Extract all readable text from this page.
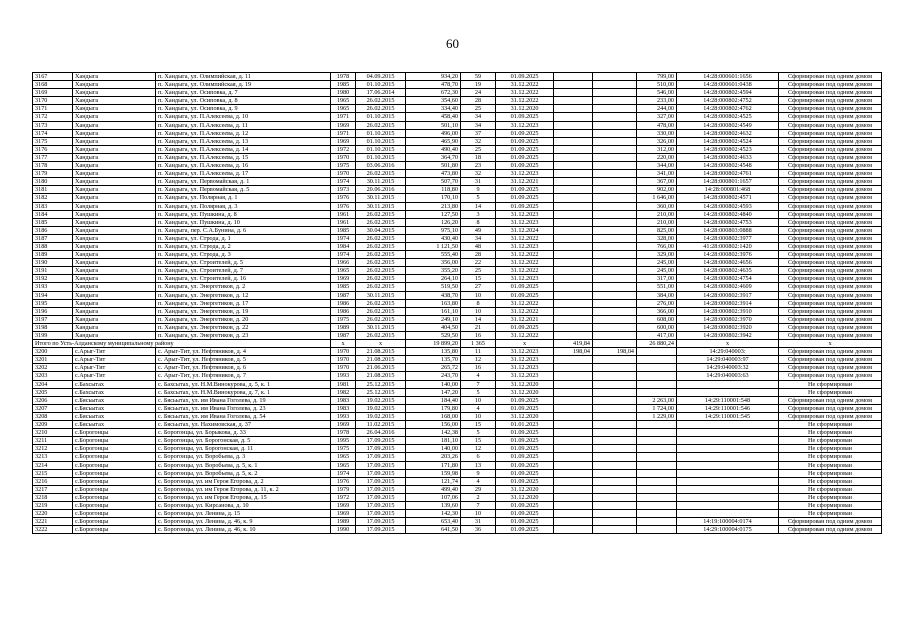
60
3167	Хандыга	п. Хандыга, ул. Олимпийская, д. 11	1978	04.09.2015	934,20	59	01.09.2025			799,00	14:28:000601:1656	Сформирован под одним домом
3168	Хандыга	п. Хандыга, ул. Олимпийская, д. 19	1985	01.10.2015	478,70	19	31.12.2022			510,00	14:28:000601:0438	Сформирован под одним домом
3169	Хандыга	п. Хандыга, ул. Осиповка, д. 7	1980	17.06.2014	672,30	24	31.12.2022			546,00	14:28:000802:4594	Сформирован под одним домом
3170	Хандыга	п. Хандыга, ул. Осиповка, д. 8	1965	26.02.2015	354,60	28	31.12.2022			233,00	14:28:000802:4752	Сформирован под одним домом
3171	Хандыга	п. Хандыга, ул. Осиповка, д. 9	1965	26.02.2015	334,40	25	31.12.2020			244,00	14:28:000802:4762	Сформирован под одним домом
3172	Хандыга	п. Хандыга, ул. П.Алексеева, д. 10	1971	01.10.2015	458,40	34	01.09.2025			327,00	14:28:000802:4525	Сформирован под одним домом
3173	Хандыга	п. Хандыга, ул. П.Алексеева, д. 11	1969	26.02.2015	501,10	34	31.12.2023			478,00	14:28:000802:4549	Сформирован под одним домом
3174	Хандыга	п. Хандыга, ул. П.Алексеева, д. 12	1971	01.10.2015	496,00	37	01.09.2025			330,00	14:28:000802:4632	Сформирован под одним домом
3175	Хандыга	п. Хандыга, ул. П.Алексеева, д. 13	1969	01.10.2015	465,90	32	01.09.2025			326,00	14:28:000802:4524	Сформирован под одним домом
3176	Хандыга	п. Хандыга, ул. П.Алексеева, д. 14	1972	01.10.2015	490,40	25	01.09.2025			312,00	14:28:000802:4523	Сформирован под одним домом
3177	Хандыга	п. Хандыга, ул. П.Алексеева, д. 15	1970	01.10.2015	364,70	18	01.09.2025			220,00	14:28:000802:4633	Сформирован под одним домом
3178	Хандыга	п. Хандыга, ул. П.Алексеева, д. 16	1975	03.06.2016	501,80	23	01.09.2025			344,00	14:28:000802:4548	Сформирован под одним домом
3179	Хандыга	п. Хандыга, ул. П.Алексеева, д. 17	1970	26.02.2015	473,80	32	31.12.2023			341,00	14:28:000802:4761	Сформирован под одним домом
3180	Хандыга	п. Хандыга, ул. Первомайская, д. 1	1974	30.11.2015	507,70	31	31.12.2021			367,00	14:28:000801:1657	Сформирован под одним домом
3181	Хандыга	п. Хандыга, ул. Первомайская, д. 5	1973	20.06.2016	118,80	9	01.09.2025			902,00	14:28:000801:468	Сформирован под одним домом
3182	Хандыга	п. Хандыга, ул. Полярная, д. 1	1976	30.11.2015	170,10	5	01.09.2025			1 646,00	14:28:000802:4571	Сформирован под одним домом
3183	Хандыга	п. Хандыга, ул. Полярная, д. 3	1976	30.11.2015	213,80	14	01.09.2025			360,00	14:28:000802:4593	Сформирован под одним домом
3184	Хандыга	п. Хандыга, ул. Пушкина, д. 8	1961	26.02.2015	127,50	3	31.12.2023			210,00	14:28:000802:4840	Сформирован под одним домом
3185	Хандыга	п. Хандыга, ул. Пушкина, д. 10	1961	26.02.2015	126,20	8	31.12.2023			210,00	14:28:000802:4753	Сформирован под одним домом
3186	Хандыга	п. Хандыга, пер. С.А.Бунина, д. 6	1985	30.04.2015	975,10	49	31.12.2024			825,00	14:28:000803:0888	Сформирован под одним домом
3187	Хандыга	п. Хандыга, ул. Строда, д. 1	1974	26.02.2015	430,40	34	31.12.2022			328,00	14:28:000802:3977	Сформирован под одним домом
3188	Хандыга	п. Хандыга, ул. Строда, д. 2	1984	26.02.2015	1 121,50	48	31.12.2023			766,00	41:28:000802:1420	Сформирован под одним домом
3189	Хандыга	п. Хандыга, ул. Строда, д. 3	1974	26.02.2015	555,40	28	31.12.2022			329,00	14:28:000802:3976	Сформирован под одним домом
3190	Хандыга	п. Хандыга, ул. Строителей, д. 5	1966	26.02.2015	356,00	22	31.12.2022			245,00	14:28:000802:4656	Сформирован под одним домом
3191	Хандыга	п. Хандыга, ул. Строителей, д. 7	1965	26.02.2015	355,20	25	31.12.2022			245,00	14:28:000802:4635	Сформирован под одним домом
3192	Хандыга	п. Хандыга, ул. Строителей, д. 16	1969	26.02.2015	264,10	15	31.12.2023			317,00	14:28:000802:4754	Сформирован под одним домом
3193	Хандыга	п. Хандыга, ул. Энергетиков, д. 2	1985	26.02.2015	519,50	27	01.09.2025			551,00	14:28:000802:4609	Сформирован под одним домом
3194	Хандыга	п. Хандыга, ул. Энергетиков, д. 12	1987	30.11.2015	438,70	10	01.09.2025			384,00	14:28:000802:3917	Сформирован под одним домом
3195	Хандыга	п. Хандыга, ул. Энергетиков, д. 17	1986	26.02.2015	163,80	8	31.12.2022			276,00	14:28:000802:3914	Сформирован под одним домом
3196	Хандыга	п. Хандыга, ул. Энергетиков, д. 19	1986	26.02.2015	161,10	10	31.12.2022			366,00	14:28:000802:3910	Сформирован под одним домом
3197	Хандыга	п. Хандыга, ул. Энергетиков, д. 20	1975	26.02.2015	249,10	14	31.12.2021			608,00	14:28:000802:3970	Сформирован под одним домом
3198	Хандыга	п. Хандыга, ул. Энергетиков, д. 22	1989	30.11.2015	404,50	21	01.09.2025			600,00	14:28:000802:3920	Сформирован под одним домом
3199	Хандыга	п. Хандыга, ул. Энергетиков, д. 23	1987	26.02.2015	529,50	16	31.12.2022			417,00	14:28:000802:3942	Сформирован под одним домом
Итого по Усть-Алданскому муниципальному району			x	x	19 899,20	1 365	x	419,84		26 880,24	x	x
3200	с.Арыг-Тит	с. Арыг-Тит, ул. Нефтяников, д. 4	1970	21.08.2015	135,80	11	31.12.2023	198,04	198,04		14:29:040003:	Сформирован под одним домом
3201	с.Арыг-Тит	с. Арыг-Тит, ул. Нефтяников, д. 5	1970	21.08.2015	135,70	12	31.12.2023				14:29:040003:97	Сформирован под одним домом
3202	с.Арыг-Тит	с. Арыг-Тит, ул. Нефтяников, д. 6	1970	21.06.2015	265,72	16	31.12.2023				14:29:040003:32	Сформирован под одним домом
3203	с.Арыг-Тит	с. Арыг-Тит, ул. Нефтяников, д. 7	1993	21.08.2015	243,70	4	31.12.2023				14:29:040003:63	Сформирован под одним домом
3204	с.Бахсытах	с. Бахсытах, ул. Н.М.Винокурова, д. 5, к. 1	1981	25.12.2015	140,00	7	31.12.2020					Не сформирован
3205	с.Бахсытах	с. Бахсытах, ул. Н.М.Винокурова, д. 7, к. 1	1982	25.12.2015	147,20	5	31.12.2020					Не сформирован
3206	с.Бясьытах	с. Бясьытах, ул. им Ивана Гоголева, д. 19	1983	19.02.2015	184,40	10	01.09.2025			2 263,00	14:29:110001:548	Сформирован под одним домом
3207	с.Бясьытах	с. Бясьытах, ул. им Ивана Гоголева, д. 23	1983	19.02.2015	179,80	4	01.09.2025			1 724,00	14:29:110001:546	Сформирован под одним домом
3208	с.Бясьытах	с. Бясьытах, ул. им Ивана Гоголева, д. 54	1993	19.02.2015	168,00	10	31.12.2020			1 229,00	14:29:110001:545	Сформирован под одним домом
3209	с.Бясьытах	с. Бясьытах, ул. Нахимовская, д. 37	1969	11.02.2015	156,00	15	01.01.2023					Не сформирован
3210	с.Борогонцы	с. Борогонцы, ул. Борыкова, д. 33	1978	26.04.2016	142,38	5	01.09.2025					Не сформирован
3211	с.Борогонцы	с. Борогонцы, ул. Борогонская, д. 5	1995	17.09.2015	181,10	15	01.09.2025					Не сформирован
3212	с.Борогонцы	с. Борогонцы, ул. Борогонская, д. 11	1975	17.09.2015	140,00	12	01.09.2025					Не сформирован
3213	с.Борогонцы	с. Борогонцы, ул. Воробьева, д. 3	1965	17.09.2015	203,26	6	01.09.2025					Не сформирован
3214	с.Борогонцы	с. Борогонцы, ул. Воробьева, д. 5, к. 1	1965	17.09.2015	171,80	13	01.09.2025					Не сформирован
3215	с.Борогонцы	с. Борогонцы, ул. Воробьева, д. 5, к. 2	1974	17.09.2015	159,98	9	01.09.2025					Не сформирован
3216	с.Борогонцы	с. Борогонцы, ул. им Героя Егорова, д. 2	1976	17.09.2015	121,74	4	01.09.2025					Не сформирован
3217	с.Борогонцы	с. Борогонцы, ул. им Героя Егорова, д. 11, к. 2	1979	17.09.2015	499,40	29	31.12.2020					Не сформирован
3218	с.Борогонцы	с. Борогонцы, ул. им Героя Егорова, д. 15	1972	17.09.2015	107,06	2	31.12.2020					Не сформирован
3219	с.Борогонцы	с. Борогонцы, ул. Кирсанова, д. 10	1969	17.09.2015	139,60	7	01.09.2025					Не сформирован
3220	с.Борогонцы	с. Борогонцы, ул. Ленина, д. 15	1969	17.09.2015	142,30	10	01.09.2025					Не сформирован
3221	с.Борогонцы	с. Борогонцы, ул. Ленина, д. 46, к. 9	1989	17.09.2015	653,40	31	01.09.2025				14:19:100004:0174	Сформирован под одним домом
3222	с.Борогонцы	с. Борогонцы, ул. Ленина, д. 46, к. 10	1990	17.09.2015	641,50	36	01.09.2025				14:29:100004:0175	Сформирован под одним домом
